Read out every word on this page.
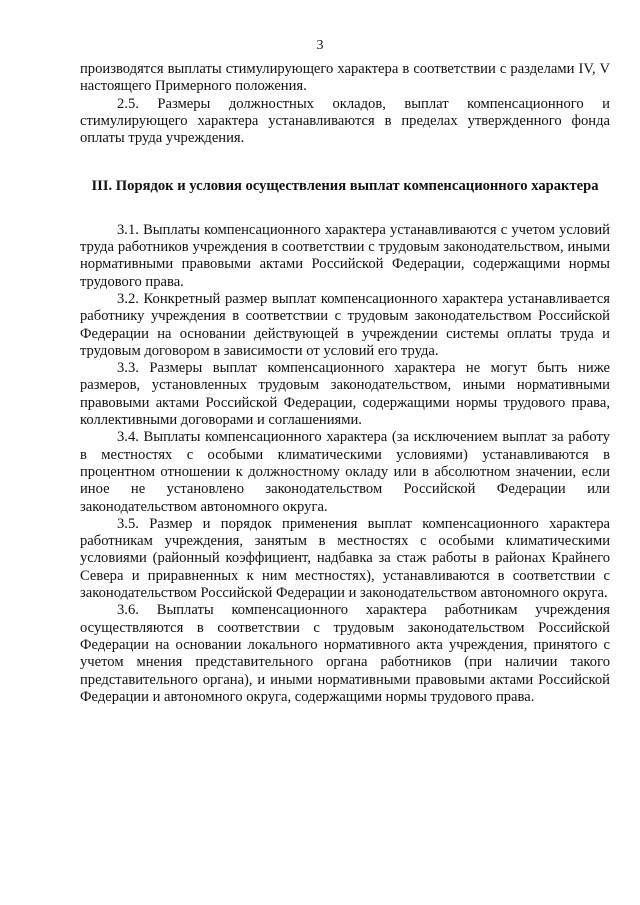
3

производятся выплаты стимулирующего характера в соответствии с разделами IV, V настоящего Примерного положения.

2.5. Размеры должностных окладов, выплат компенсационного и стимулирующего характера устанавливаются в пределах утвержденного фонда оплаты труда учреждения.

III. Порядок и условия осуществления выплат компенсационного характера

3.1. Выплаты компенсационного характера устанавливаются с учетом условий труда работников учреждения в соответствии с трудовым законодательством, иными нормативными правовыми актами Российской Федерации, содержащими нормы трудового права.

3.2. Конкретный размер выплат компенсационного характера устанавливается работнику учреждения в соответствии с трудовым законодательством Российской Федерации на основании действующей в учреждении системы оплаты труда и трудовым договором в зависимости от условий его труда.

3.3. Размеры выплат компенсационного характера не могут быть ниже размеров, установленных трудовым законодательством, иными нормативными правовыми актами Российской Федерации, содержащими нормы трудового права, коллективными договорами и соглашениями.

3.4. Выплаты компенсационного характера (за исключением выплат за работу в местностях с особыми климатическими условиями) устанавливаются в процентном отношении к должностному окладу или в абсолютном значении, если иное не установлено законодательством Российской Федерации или законодательством автономного округа.

3.5. Размер и порядок применения выплат компенсационного характера работникам учреждения, занятым в местностях с особыми климатическими условиями (районный коэффициент, надбавка за стаж работы в районах Крайнего Севера и приравненных к ним местностях), устанавливаются в соответствии с законодательством Российской Федерации и законодательством автономного округа.

3.6. Выплаты компенсационного характера работникам учреждения осуществляются в соответствии с трудовым законодательством Российской Федерации на основании локального нормативного акта учреждения, принятого с учетом мнения представительного органа работников (при наличии такого представительного органа), и иными нормативными правовыми актами Российской Федерации и автономного округа, содержащими нормы трудового права.
